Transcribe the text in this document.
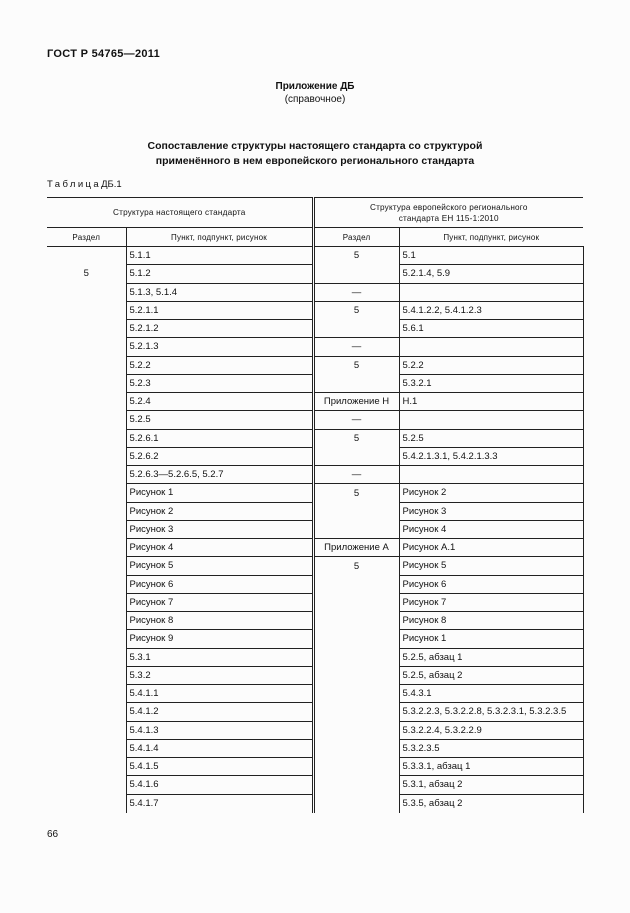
ГОСТ Р 54765—2011
Приложение ДБ
(справочное)
Сопоставление структуры настоящего стандарта со структурой
применённого в нем европейского регионального стандарта
ТаблицаДБ.1
Структура настоящего стандарта		Структура европейского регионального
стандарта ЕН 115-1:2010	

Раздел	Пункт, подпункт, рисунок	Раздел	Пункт, подпункт, рисунок
	5.1.1	5	5.1
5	5.1.2		5.2.1.4, 5.9
	5.1.3, 5.1.4	—	
	5.2.1.1	5	5.4.1.2.2, 5.4.1.2.3
	5.2.1.2		5.6.1
	5.2.1.3	—	
	5.2.2	5	5.2.2
	5.2.3		5.3.2.1
	5.2.4	Приложение Н	Н.1
	5.2.5	—	
	5.2.6.1	5	5.2.5
	5.2.6.2		5.4.2.1.3.1, 5.4.2.1.3.3
	5.2.6.3—5.2.6.5, 5.2.7	—	
	Рисунок 1	5	Рисунок 2
	Рисунок 2		Рисунок 3
	Рисунок 3		Рисунок 4
	Рисунок 4	Приложение А	Рисунок А.1
	Рисунок 5	5	Рисунок 5
	Рисунок 6		Рисунок 6
	Рисунок 7		Рисунок 7
	Рисунок 8		Рисунок 8
	Рисунок 9		Рисунок 1
	5.3.1		5.2.5, абзац 1
	5.3.2		5.2.5, абзац 2
	5.4.1.1		5.4.3.1
	5.4.1.2		5.3.2.2.3, 5.3.2.2.8, 5.3.2.3.1, 5.3.2.3.5
	5.4.1.3		5.3.2.2.4, 5.3.2.2.9
	5.4.1.4		5.3.2.3.5
	5.4.1.5		5.3.3.1, абзац 1
	5.4.1.6		5.3.1, абзац 2
	5.4.1.7		5.3.5, абзац 2
66
